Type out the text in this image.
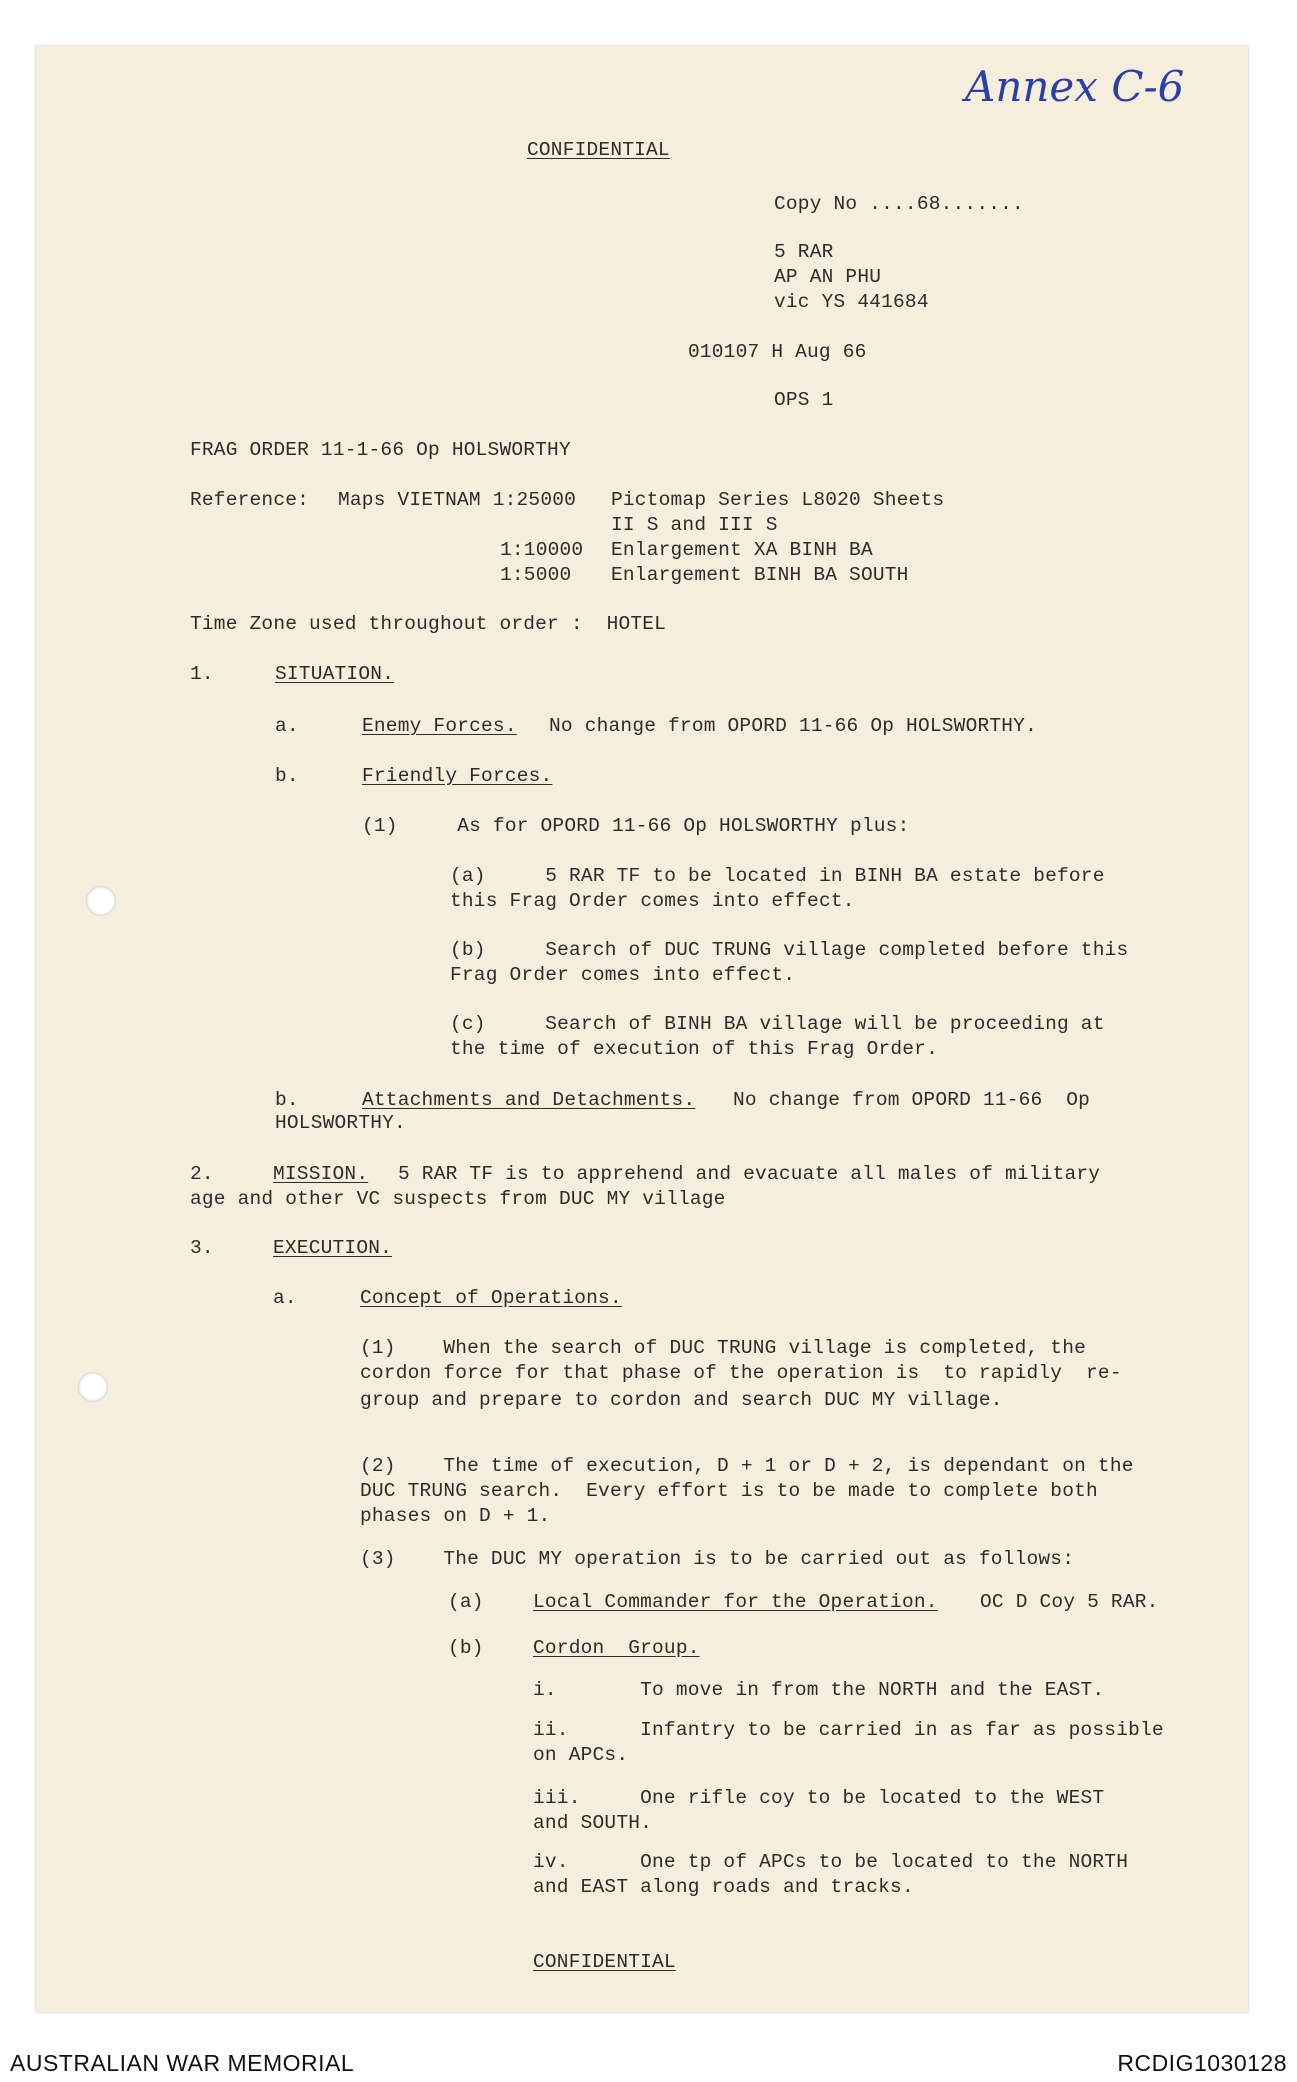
Annex C-6
CONFIDENTIAL
Copy No ....68.......
5 RAR
AP AN PHU
vic YS 441684
010107 H Aug 66
OPS 1
FRAG ORDER 11-1-66 Op HOLSWORTHY
Reference: Maps VIETNAM 1:25000 Pictomap Series L8020 Sheets
II S and III S
1:10000 Enlargement XA BINH BA
1:5000 Enlargement BINH BA SOUTH
Time Zone used throughout order :  HOTEL
1.	SITUATION.
a.	Enemy Forces. No change from OPORD 11-66 Op HOLSWORTHY.
b.	Friendly Forces.
(1)     As for OPORD 11-66 Op HOLSWORTHY plus:
(a)     5 RAR TF to be located in BINH BA estate before
this Frag Order comes into effect.
(b)     Search of DUC TRUNG village completed before this
Frag Order comes into effect.
(c)     Search of BINH BA village will be proceeding at
the time of execution of this Frag Order.
b.	Attachments and Detachments. No change from OPORD 11-66  Op
HOLSWORTHY.
2.	MISSION. 5 RAR TF is to apprehend and evacuate all males of military
age and other VC suspects from DUC MY village
3.	EXECUTION.
a.	Concept of Operations.
(1)    When the search of DUC TRUNG village is completed, the
cordon force for that phase of the operation is  to rapidly  re-
group and prepare to cordon and search DUC MY village.
(2)    The time of execution, D + 1 or D + 2, is dependant on the
DUC TRUNG search.  Every effort is to be made to complete both
phases on D + 1.
(3)    The DUC MY operation is to be carried out as follows:
(a)	Local Commander for the Operation. OC D Coy 5 RAR.
(b)	Cordon  Group.
i.       To move in from the NORTH and the EAST.
ii.      Infantry to be carried in as far as possible
on APCs.
iii.     One rifle coy to be located to the WEST
and SOUTH.
iv.      One tp of APCs to be located to the NORTH
and EAST along roads and tracks.
CONFIDENTIAL
AUSTRALIAN WAR MEMORIAL	RCDIG1030128
